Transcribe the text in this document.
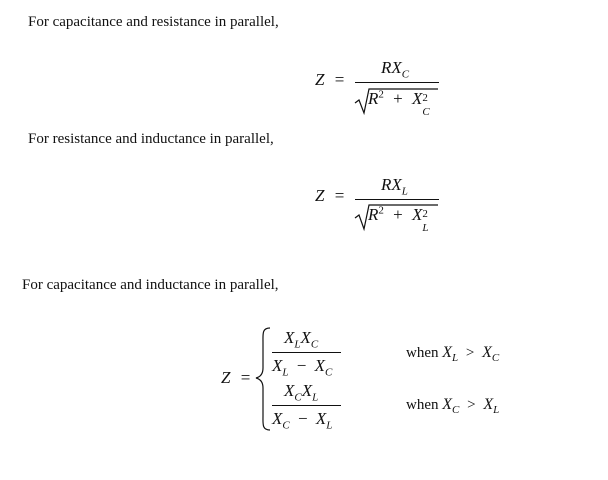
For capacitance and resistance in parallel,
For resistance and inductance in parallel,
For capacitance and inductance in parallel,
Z =
$RX_C$
$R^2 + X$ 2
C
Z =
$RX_L$
$R^2 + X$ 2
L
Z =
$X_LX_C$
$X_L - X_C$
when $X_L > X_C$
$X_CX_L$
$X_C - X_L$
when $X_C > X_L$
